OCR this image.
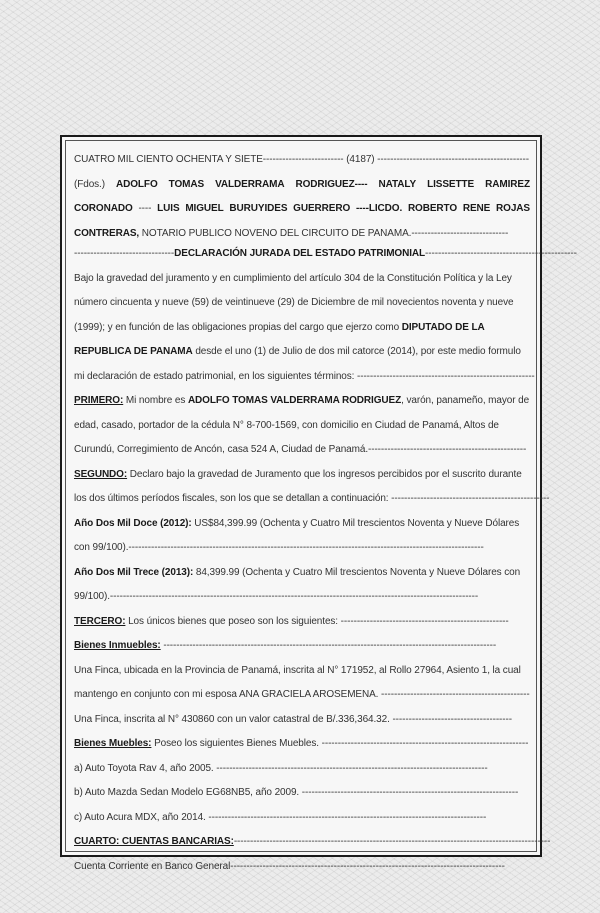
CUATRO MIL CIENTO OCHENTA Y SIETE------------------------- (4187) -----------------------------------------------
(Fdos.) ADOLFO TOMAS VALDERRAMA RODRIGUEZ---- NATALY LISSETTE RAMIREZ
CORONADO ---- LUIS MIGUEL BURUYIDES GUERRERO ----LICDO. ROBERTO RENE ROJAS
CONTRERAS, NOTARIO PUBLICO NOVENO DEL CIRCUITO DE PANAMA.------------------------------
-------------------------------DECLARACIÓN JURADA DEL ESTADO PATRIMONIAL-----------------------------------------------
Bajo la gravedad del juramento y en cumplimiento del artículo 304 de la Constitución Política y la Ley
número cincuenta y nueve (59) de veintinueve (29) de Diciembre de mil novecientos noventa y nueve
(1999); y en función de las obligaciones propias del cargo que ejerzo como DIPUTADO DE LA
REPUBLICA DE PANAMA desde el uno (1) de Julio de dos mil catorce (2014), por este medio formulo
mi declaración de estado patrimonial, en los siguientes términos: -------------------------------------------------------
PRIMERO: Mi nombre es ADOLFO TOMAS VALDERRAMA RODRIGUEZ, varón, panameño, mayor de
edad, casado, portador de la cédula N° 8-700-1569, con domicilio en Ciudad de Panamá, Altos de
Curundú, Corregimiento de Ancón, casa 524 A, Ciudad de Panamá.-------------------------------------------------
SEGUNDO: Declaro bajo la gravedad de Juramento que los ingresos percibidos por el suscrito durante
los dos últimos períodos fiscales, son los que se detallan a continuación: -------------------------------------------------
Año Dos Mil Doce (2012): US$84,399.99 (Ochenta y Cuatro Mil trescientos Noventa y Nueve Dólares
con 99/100).--------------------------------------------------------------------------------------------------------------
Año Dos Mil Trece (2013): 84,399.99 (Ochenta y Cuatro Mil trescientos Noventa y Nueve Dólares con
99/100).------------------------------------------------------------------------------------------------------------------
TERCERO: Los únicos bienes que poseo son los siguientes: ----------------------------------------------------
Bienes Inmuebles: -------------------------------------------------------------------------------------------------------
Una Finca, ubicada en la Provincia de Panamá, inscrita al N° 171952, al Rollo 27964, Asiento 1, la cual
mantengo en conjunto con mi esposa ANA GRACIELA AROSEMENA. ----------------------------------------------
Una Finca, inscrita al N° 430860 con un valor catastral de B/.336,364.32. -------------------------------------
Bienes Muebles: Poseo los siguientes Bienes Muebles. ----------------------------------------------------------------
a) Auto Toyota Rav 4, año 2005. ------------------------------------------------------------------------------------
b) Auto Mazda Sedan Modelo EG68NB5, año 2009. -------------------------------------------------------------------
c) Auto Acura MDX, año 2014. --------------------------------------------------------------------------------------
CUARTO: CUENTAS BANCARIAS:--------------------------------------------------------------------------------------------------
Cuenta Corriente en Banco General-------------------------------------------------------------------------------------
